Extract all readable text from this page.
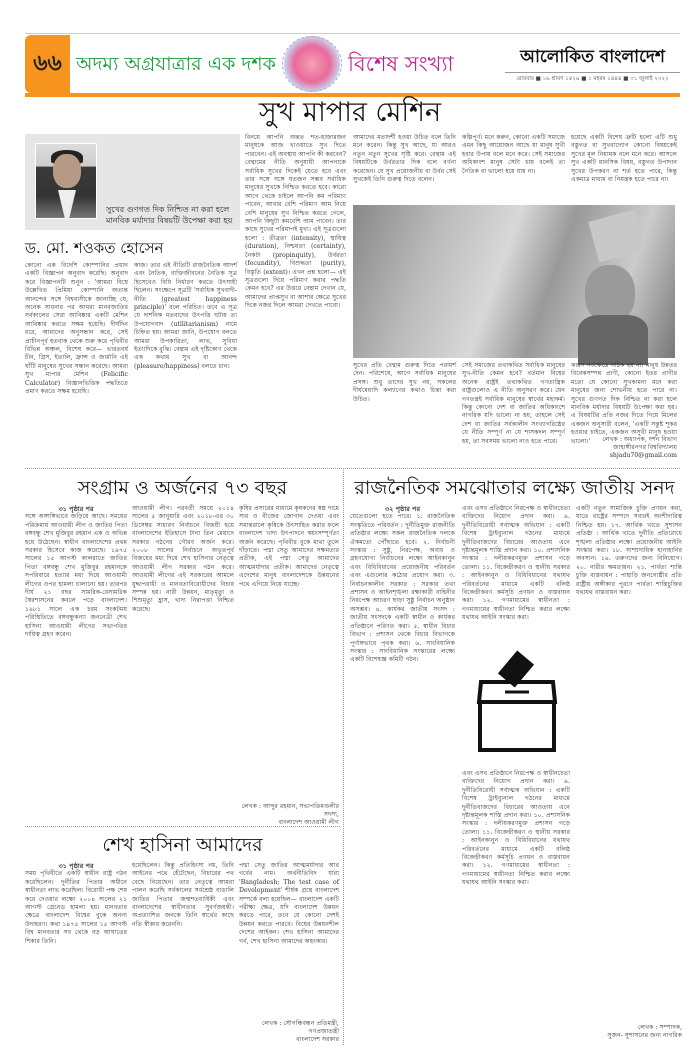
৬৬ অদম্য অগ্রযাত্রার এক দশক	বিশেষ সংখ্যা	আলোকিত বাংলাদেশ
রোববার ■ ১৬ শ্রাবণ ১৪২৯ ■ ১ মহরম ১৪৪৪ ■ ৩১ জুলাই ২০২২
সুখ মাপার মেশিন
সুখের গুণগত দিক নিশ্চিত না করা হলে মানবিক মর্যাদার বিষয়টি উপেক্ষা করা হয়
ড. মো. শওকত হোসেন
কোনো এক বিদেশি কোম্পানির প্রধান একটি বিজ্ঞাপন অনুবাদ করেছি। অনুবাদ করে বিজ্ঞাপনটি শুনুন : 'আমরা বিশ্বে উল্লেখিত প্রিমিয়া কোম্পানি অত্যন্ত আনন্দের সঙ্গে বিশ্ববাসীকে জানাচ্ছি যে, অনেক সাধনার পর আমরা মানবজাতির সর্বকালের সেরা আবিষ্কার একটি মেশিন আবিষ্কার করতে সক্ষম হয়েছি। দীর্ঘদিন ধরে, আমাদের অনুসন্ধান করে, সেই প্রাচীনপূর্ব হতবাক থেকে শুরু করে পৃথিবীর বিভিন্ন অঞ্চল, বিশেষ করে— ভারতবর্ষ চীন, গ্রিস, ইতালি, ফ্রান্স ও জার্মানি এই ঘাঁটি মানুষের সুখের সন্ধান করেছে। আমরা সুখ মাপার মেশিন (Felicific Calculator) বিজ্ঞানভিত্তিক পদ্ধতিতে প্রমাণ করতে সক্ষম হয়েছি।
কাজ। তার এই নীতিটি রাজনৈতিক আদর্শ এবং নৈতিক, ব্যক্তিজীবনের নৈতিক সূত্র হিসেবেও বিধি নির্ধারণ করতে উৎসাহী ছিলেন। সংক্ষেপে সূত্রটি 'সর্বাধিক সুখবাদী-নীতি (greatest happiness principle)' বলে পরিচিত। তবে এ সূত্র যে দার্শনিক মতবাদের উৎপত্তি ঘটায় তা উপযোগবাদ (utilitarianism) নামে চিহ্নিত হয়। আমরা জানি, উপযোগ বলতে আমরা উপকারিতা, লাভ, সুবিধা ইত্যাদিকে বুঝি। বেন্থাম এই দৃষ্টিকোণ থেকে এক কথায় সুখ বা আনন্দ (pleasure/happiness) বলতে চান।
বিনয়ে আপনি অন্তত শত-হাজারজন মানুষকে আজ খাওয়াতে সুখ দিতে পারবেন। এই অবস্থায় আপনি কী করবেন? বেন্থামের নীতি অনুযায়ী আপনাকে সর্বাধিক সুখের দিকেই যেতে হবে এবং তার সঙ্গে সঙ্গে যতজন সম্ভব সর্বাধিক মানুষের সুখকে নিশ্চিত করতে হবে। কারো আগে থেকে চাইলে আপনি কম পরিমাণ পাবেন, আবার বেশি পরিমাণ আম নিয়ে বেশি মানুষের সুখ নিশ্চিত করতে গেলে, আপনি কিছুটা কমবেশি আম পাবেন। তার কাছে সুখের পরিমাপই মুখ্য। এই সূত্রগুলো হলো : তীব্রতা (intensity), স্থায়িত্ব (duration), নিশ্চয়তা (certainty), নৈকট্য (propinquity), উর্বরতা (fecundity), বিশুদ্ধতা (purity), বিস্তৃতি (extent)। এখন প্রশ্ন হলো— এই সূত্রগুলো দিয়ে পরিমাণ করার পদ্ধতি কেমন হবে? এর উত্তরে বেন্থাম দেখান যে, আমাদের প্রাপ্তসুখ বা আশার ক্ষেত্রে সুখের দিকে নজর দিলে আমরা দেখতে পাবো।
আমাদের মতাদর্শী হওয়া উচিত বলে তিনি মনে করেন। কিন্তু সুখ আছে, যা আরও নতুন নতুন সুখের সৃষ্টি করে। বেন্থাম এই বিষয়টিকে উর্বরতার দিক বলে বর্ণনা করেছেন। যে সুখ প্রয়োজনীয় বা উর্বর সেই সুখকেই তিনি গুরুত্ব দিতে বলেন।
কল্পিপূর্ণ। মনে করুন, কোনো একটি সমাজে এমন কিছু আয়োজন আছে যা মানুষ সুখী হবার উপায় বলে মনে করে। সেই সমাজের অধিকাংশ মানুষ সেটা চায় বলেই তা নৈতিক বা ভালো হয়ে যায় না।
হয়েছে একটি বিশেষ ত্রুটি হলো এটি শুধু বস্তুগত বা সুখবাদ্যোগ কোনো বিষয়কেই সুখের মূল নিয়ামক বলে মনে করে। আসলে সুখ একটি মানসিক বিষয়, বস্তুগত উপাদান সুখের উপকরণ না শর্ত হতে পারে, কিন্তু একমাত্র মাধ্যম বা নিয়ন্ত্রক হতে পারে না।
সুখের প্রতি বেন্থাম গুরুত্ব দিতে পরামর্শ দেন। পরিশেষে, আগে সর্বাধিক মানুষের প্রসঙ্গ। শুধু তাদের সুখ নয়, সকলের দীর্ঘমেয়াদি কল্যাণের কথাও চিন্তা করা উচিত।
সেই সমাজের তথাকথিত সর্বাধিক মানুষের সুখ-নীতি কেমন হবে? বর্তমান বিশ্বের অনেক রাষ্ট্রই তথাকথিত গণতান্ত্রিক রাষ্ট্রগুলোও এ নীতি অনুসরণ করে। যেন গণতন্ত্রই সর্বাধিক মানুষের স্বার্থের মহাকর্ম। কিন্তু কোনো দেশ বা জাতির অধিকাংশে নাগরিক যদি ভালো না হয়, তাহলে সেই দেশ বা জাতির সর্বকালীন সংখ্যাগরিষ্ঠের যে নীতি সম্পূর্ণ না যে শাসকদল সম্পূর্ণ হয়, তা সবসময় ভালো নাও হতে পারে।
কারণ সবক্ষেত্রে সঠিক হয় না। মানুষ উন্নতর বিবেকসম্পন্ন প্রাণী, কোনো ইতর প্রাণীর মতো যে কোনো সুখকামনা মনে করা মানুষের জন্য শোভনীয় হতে পারে না। সুখের গুণগত দিক নিশ্চিত না করা হলে মানবিক মর্যাদার বিষয়টি উপেক্ষা করা হয়। এ বিষয়টির প্রতি নজর দিতে গিয়ে মিলের একজন অনুসারী বলেন, 'একটি সন্তুষ্ট শূকর হওয়ার চাইতে, একজন অসুখী মানুষ হওয়া ভালো।'	লেখক : অধ্যাপক, দর্শন বিভাগ
জাহাঙ্গীরনগর বিশ্ববিদ্যালয়
shjadu70@gmail.com
সংগ্রাম ও অর্জনের ৭৩ বছর
৩১ পৃষ্ঠার পর
সঙ্গে অঙ্গাঙ্গিভাবে জড়িয়ে আছে। সময়ের পরিক্রমায় আওয়ামী লীগ ও জাতির পিতা বঙ্গবন্ধু শেখ মুজিবুর রহমান এক ও অভিন্ন হয়ে উঠেছেন। স্বাধীন বাংলাদেশের প্রথম সরকার হিসেবে কাজ করেছে। ১৯৭৫ সালের ১৫ আগস্ট কালরাতে জাতির পিতা বঙ্গবন্ধু শেখ মুজিবুর রহমানকে সপরিবারে হত্যার মধ্য দিয়ে আওয়ামী লীগের ওপর হামলা চালানো হয়। তারপর দীর্ঘ ২১ বছর সামরিক-বেসামরিক স্বৈরশাসনের কবলে পড়ে বাংলাদেশ। ১৯৮১ সালে এক চরম সংকটময় পরিস্থিতিতে বঙ্গবন্ধুকন্যা জননেত্রী শেখ হাসিনা আওয়ামী লীগের সভাপতির দায়িত্ব গ্রহণ করেন।
আওয়ামী লীগ। পরবর্তী সময়ে ২০১৪ সালের ৫ জানুয়ারি এবং ২০১৮-এর ৩০ ডিসেম্বর সাধারণ নির্বাচনে বিজয়ী হয়ে বাংলাদেশের ইতিহাসে টানা তিন মেয়াদে সরকার গঠনের গৌরব অর্জন করে। ২০০৮ সালের নির্বাচনে অভূতপূর্ব বিজয়ের মধ্য দিয়ে শেখ হাসিনার নেতৃত্বে আওয়ামী লীগ সরকার গঠন করে। আওয়ামী লীগের এই সরকারের আমলে যুদ্ধাপরাধী ও মানবতাবিরোধীদের বিচার সম্পন্ন হয়। নারী উন্নয়ন, মাতৃমৃত্যু ও শিশুমৃত্যু হ্রাস, খাদ্য নিরাপত্তা নিশ্চিত করেছে।
কৃষির প্রসারের মাধ্যমে কৃষকদের স্বল্প দামে সার ও বীজের জোগান দেওয়া এবং সমান্তরালে কৃষিকে উৎসাহিত করার ফলে বাংলাদেশ খাদ্য উৎপাদনে স্বয়ংসম্পূর্ণতা অর্জন করেছে। পৃথিবীর বুকে মাথা তুলে দাঁড়াতে। পদ্মা সেতু আমাদের সক্ষমতার প্রতীক, এই পদ্মা সেতু আমাদের আত্মমর্যাদার প্রতীক। আমাদের নেতৃত্বে এদেশের মানুষ বাংলাদেশকে উন্নয়নের পথে এগিয়ে নিয়ে যাচ্ছে।
লেখক : আব্দুর রহমান, সভাপতিমণ্ডলীর সদস্য,
বাংলাদেশ আওয়ামী লীগ
রাজনৈতিক সমঝোতার লক্ষ্যে জাতীয় সনদ
৩২ পৃষ্ঠার পর
যেতেগুলো হতে পারে। ১. রাজনৈতিক সংস্কৃতিতে পরিবর্তন : দুর্নীতিমুক্ত রাজনীতি প্রতিষ্ঠার লক্ষ্যে সকল রাজনৈতিক দলকে ঐকমত্যে পৌঁছাতে হবে। ২. নির্বাচনী সংস্কার : সুষ্ঠু, নিরপেক্ষ, অবাধ ও গ্রহণযোগ্য নির্বাচনের লক্ষ্যে আইনকানুন এবং বিধিবিধানের প্রয়োজনীয় পরিবর্তন এবং এগুলোর কঠোর প্রয়োগ করা। ৩. নির্বাচনকালীন সরকার : সরকার তথা প্রশাসন ও আইনশৃঙ্খলা রক্ষাকারী বাহিনীর নিরপেক্ষ আচরণ ছাড়া সুষ্ঠু নির্বাচন অনুষ্ঠান অসম্ভব। ৪. কার্যকর জাতীয় সংসদ : জাতীয় সংসদকে একটি স্বাধীন ও কার্যকর প্রতিষ্ঠানে পরিণত করা। ৫. স্বাধীন বিচার বিভাগ : প্রশাসন থেকে বিচার বিভাগকে পূর্ণাঙ্গভাবে পৃথক করা। ৬. সাংবিধানিক সংস্কার : সাংবিধানিক সংস্কারের লক্ষ্যে একটি বিশেষজ্ঞ কমিটি গঠন।
এবং এসব প্রতিষ্ঠানে নিরপেক্ষ ও স্বাধীনচেতা ব্যক্তিদের নিয়োগ প্রদান করা। ৯. দুর্নীতিবিরোধী সর্বাত্মক অভিযান : একটি বিশেষ ট্রাইব্যুনাল গঠনের মাধ্যমে দুর্নীতিবাজদের বিচারের আওতায় এনে দৃষ্টান্তমূলক শাস্তি প্রদান করা। ১০. প্রশাসনিক সংস্কার : দলীয়করণমুক্ত প্রশাসন গড়ে তোলা। ১১. বিকেন্দ্রীকরণ ও স্থানীয় সরকার : আইনকানুন ও বিধিবিধানের যথাযথ পরিবর্তনের মাধ্যমে একটি বলিষ্ঠ বিকেন্দ্রীকরণ কর্মসূচি প্রণয়ন ও বাস্তবায়ন করা। ১২. গণমাধ্যমের স্বাধীনতা : গণমাধ্যমের স্বাধীনতা নিশ্চিত করার লক্ষ্যে যথাযথ আইনি সংস্কার করা।
এবং এসব প্রতিষ্ঠানে নিরপেক্ষ ও স্বাধীনচেতা ব্যক্তিদের নিয়োগ প্রদান করা। ৯. দুর্নীতিবিরোধী সর্বাত্মক অভিযান : একটি বিশেষ ট্রাইব্যুনাল গঠনের মাধ্যমে দুর্নীতিবাজদের বিচারের আওতায় এনে দৃষ্টান্তমূলক শাস্তি প্রদান করা। ১০. প্রশাসনিক সংস্কার : দলীয়করণমুক্ত প্রশাসন গড়ে তোলা। ১১. বিকেন্দ্রীকরণ ও স্থানীয় সরকার : আইনকানুন ও বিধিবিধানের যথাযথ পরিবর্তনের মাধ্যমে একটি বলিষ্ঠ বিকেন্দ্রীকরণ কর্মসূচি প্রণয়ন ও বাস্তবায়ন করা। ১২. গণমাধ্যমের স্বাধীনতা : গণমাধ্যমের স্বাধীনতা নিশ্চিত করার লক্ষ্যে যথাযথ আইনি সংস্কার করা।
একটি নতুন সামাজিক চুক্তি প্রণয়ন করা, যাতে রাষ্ট্রের সম্পদে সবারই অংশীদারিত্ব নিশ্চিত হয়। ১৭. আর্থিক খাতে সুশাসন প্রতিষ্ঠা : আর্থিক খাতে দুর্নীতি প্রতিরোধে শৃঙ্খলা প্রতিষ্ঠার লক্ষ্যে প্রয়োজনীয় আইনি সংস্কার করা। ১৮. সাম্প্রদায়িক হানাহানির অবসান। ১৯. তরুণদের জন্য বিনিয়োগ। ২০. নারীর ক্ষমতায়ন। ২১. পার্বত্য শান্তি চুক্তি বাস্তবায়ন : পাহাড়ি জনগোষ্ঠীর প্রতি রাষ্ট্রীয় অঙ্গীকার পূরণে পার্বত্য শান্তিচুক্তির যথাযথ বাস্তবায়ন করা।
লেখক : সম্পাদক,
সুজন- সুশাসনের জন্য নাগরিক
শেখ হাসিনা আমাদের
৩১ পৃষ্ঠার পর
সময় পৃথিবীতে একটি স্বাধীন রাষ্ট্র গঠন করেছিলেন। দুর্নীতির পিতার অধীনে স্বাধীনতা লাভ করেছিল। বিরোধী পক্ষ শেষ করে দেওয়ার লক্ষ্যে ২০০৪ সালের ২১ আগস্ট গ্রেনেড হামলা হয়। মানবতার ক্ষেত্রে বাংলাদেশ বিশ্বের বুকে অনন্য উদাহরণ। কথা ১৯৭৫ সালের ১৫ আগস্ট বিশ্ব মানবতার সব থেকে বড় আঘাতের শিকার তিনি।
হয়েছিলেন। কিন্তু প্রতিহিংসা নয়, তিনি আইনের পথে হেঁটেছেন, বিচারের পথ বেছে নিয়েছেন। তার নেতৃত্বে আমরা পালন করেছি সর্বকালের সর্বশ্রেষ্ঠ বাঙালি জাতির পিতার জন্মশতবার্ষিকী এবং বাংলাদেশের স্বাধীনতার সুবর্ণজয়ন্তী। অপ্রত্যাশিত জনকে তিনি স্বার্থের কাছে নতি স্বীকার করেননি।
পদ্মা সেতু জাতির আত্মমর্যাদার আর গর্বের নাম। অর্থনীতিবিদ যারা 'Bangladesh; The test case of Development' শীর্ষক গ্রন্থে বাংলাদেশ সম্পর্কে বলা হয়েছিল— বাংলাদেশ একটি পরীক্ষা ক্ষেত্র, যদি বাংলাদেশ উন্নয়ন করতে পারে, তবে যে কোনো দেশই উন্নয়ন করতে পারবে। বিশ্বের উন্নয়নশীল দেশের আইকন। শেখ হাসিনা আমাদের গর্ব, শেখ হাসিনা আমাদের অহংকার।
লেখক : সৌগন্ধিবন্ধন প্রতিমন্ত্রী, গণপ্রজাতন্ত্রী
বাংলাদেশ সরকার
